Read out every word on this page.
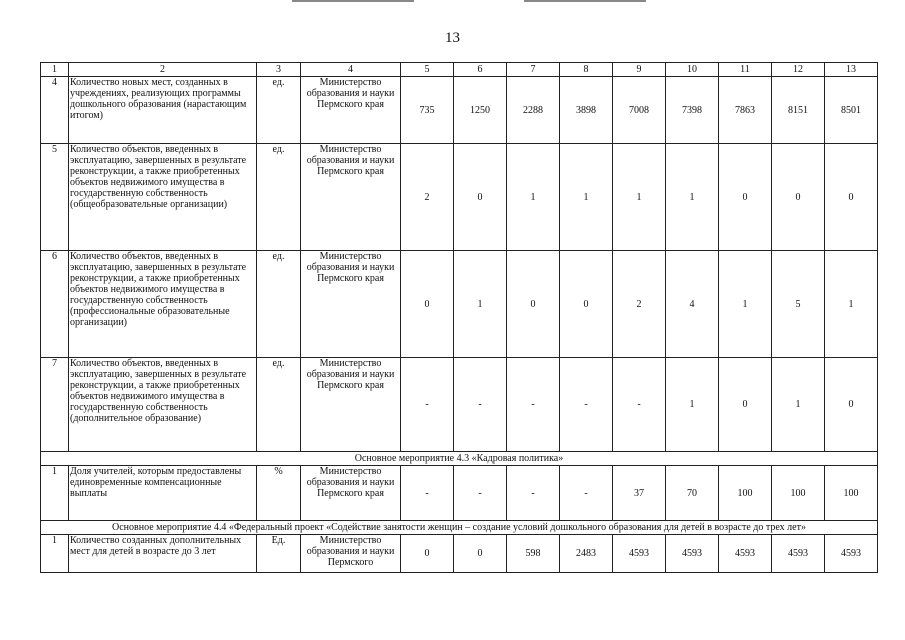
13
1	2	3	4	5	6	7	8	9	10	11	12	13
4	Количество новых мест, созданных в учреждениях, реализующих программы дошкольного образования (нарастающим итогом)	ед.	Министерство образования и науки Пермского края	735	1250	2288	3898	7008	7398	7863	8151	8501
5	Количество объектов, введенных в эксплуатацию, завершенных в результате реконструкции, а также приобретенных объектов недвижимого имущества в государственную собственность (общеобразовательные организации)	ед.	Министерство образования и науки Пермского края	2	0	1	1	1	1	0	0	0
6	Количество объектов, введенных в эксплуатацию, завершенных в результате реконструкции, а также приобретенных объектов недвижимого имущества в государственную собственность (профессиональные образовательные организации)	ед.	Министерство образования и науки Пермского края	0	1	0	0	2	4	1	5	1
7	Количество объектов, введенных в эксплуатацию, завершенных в результате реконструкции, а также приобретенных объектов недвижимого имущества в государственную собственность (дополнительное образование)	ед.	Министерство образования и науки Пермского края	-	-	-	-	-	1	0	1	0
Основное мероприятие 4.3 «Кадровая политика»												
1	Доля учителей, которым предоставлены единовременные компенсационные выплаты	%	Министерство образования и науки Пермского края	-	-	-	-	37	70	100	100	100
Основное мероприятие 4.4 «Федеральный проект «Содействие занятости женщин – создание условий дошкольного образования для детей в возрасте до трех лет»												
1	Количество созданных дополнительных мест для детей в возрасте до 3 лет	Ед.	Министерство образования и науки Пермского	0	0	598	2483	4593	4593	4593	4593	4593
